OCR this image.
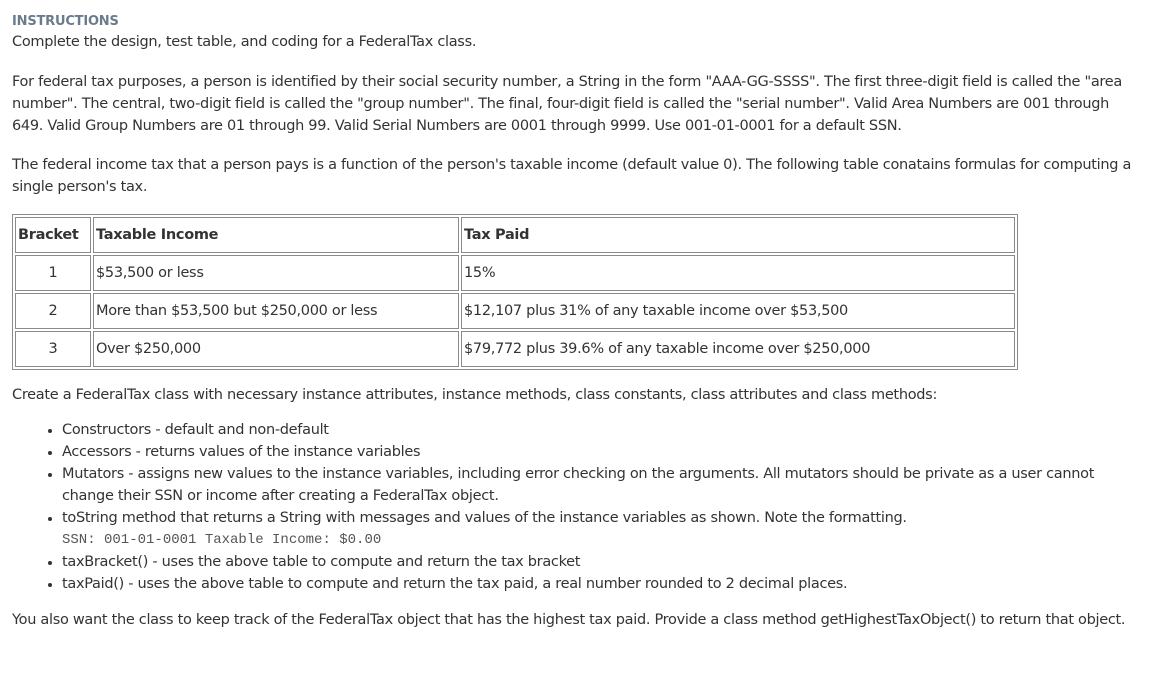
INSTRUCTIONS

Complete the design, test table, and coding for a FederalTax class.

For federal tax purposes, a person is identified by their social security number, a String in the form "AAA-GG-SSSS". The first three-digit field is called the "area number". The central, two-digit field is called the "group number". The final, four-digit field is called the "serial number". Valid Area Numbers are 001 through 649. Valid Group Numbers are 01 through 99. Valid Serial Numbers are 0001 through 9999. Use 001-01-0001 for a default SSN.

The federal income tax that a person pays is a function of the person's taxable income (default value 0). The following table conatains formulas for computing a single person's tax.

Bracket	Taxable Income	Tax Paid
1	$53,500 or less	15%
2	More than $53,500 but $250,000 or less	$12,107 plus 31% of any taxable income over $53,500
3	Over $250,000	$79,772 plus 39.6% of any taxable income over $250,000

Create a FederalTax class with necessary instance attributes, instance methods, class constants, class attributes and class methods:

• Constructors - default and non-default
• Accessors - returns values of the instance variables
• Mutators - assigns new values to the instance variables, including error checking on the arguments. All mutators should be private as a user cannot change their SSN or income after creating a FederalTax object.
• toString method that returns a String with messages and values of the instance variables as shown. Note the formatting.
SSN: 001-01-0001 Taxable Income: $0.00
• taxBracket() - uses the above table to compute and return the tax bracket
• taxPaid() - uses the above table to compute and return the tax paid, a real number rounded to 2 decimal places.

You also want the class to keep track of the FederalTax object that has the highest tax paid. Provide a class method getHighestTaxObject() to return that object.
